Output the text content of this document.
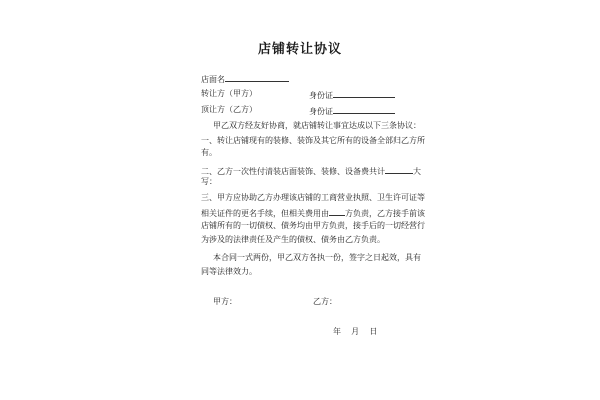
店铺转让协议
店面名
转让方（甲方）	身份证
顶让方（乙方）	身份证
甲乙双方经友好协商，就店铺转让事宜达成以下三条协议：
一、转让店铺现有的装修、装饰及其它所有的设备全部归乙方所
有。
二、乙方一次性付清装店面装饰、装修、设备费共计	大
写：
三、甲方应协助乙方办理该店铺的工商营业执照、卫生许可证等
相关证件的更名手续，但相关费用由 方负责，乙方接手前该
店铺所有的一切债权、债务均由甲方负责，接手后的一切经营行
为涉及的法律责任及产生的债权、债务由乙方负责。
本合同一式两份，甲乙双方各执一份，签字之日起效，具有
同等法律效力。
甲方：	乙方：
年    月    日
